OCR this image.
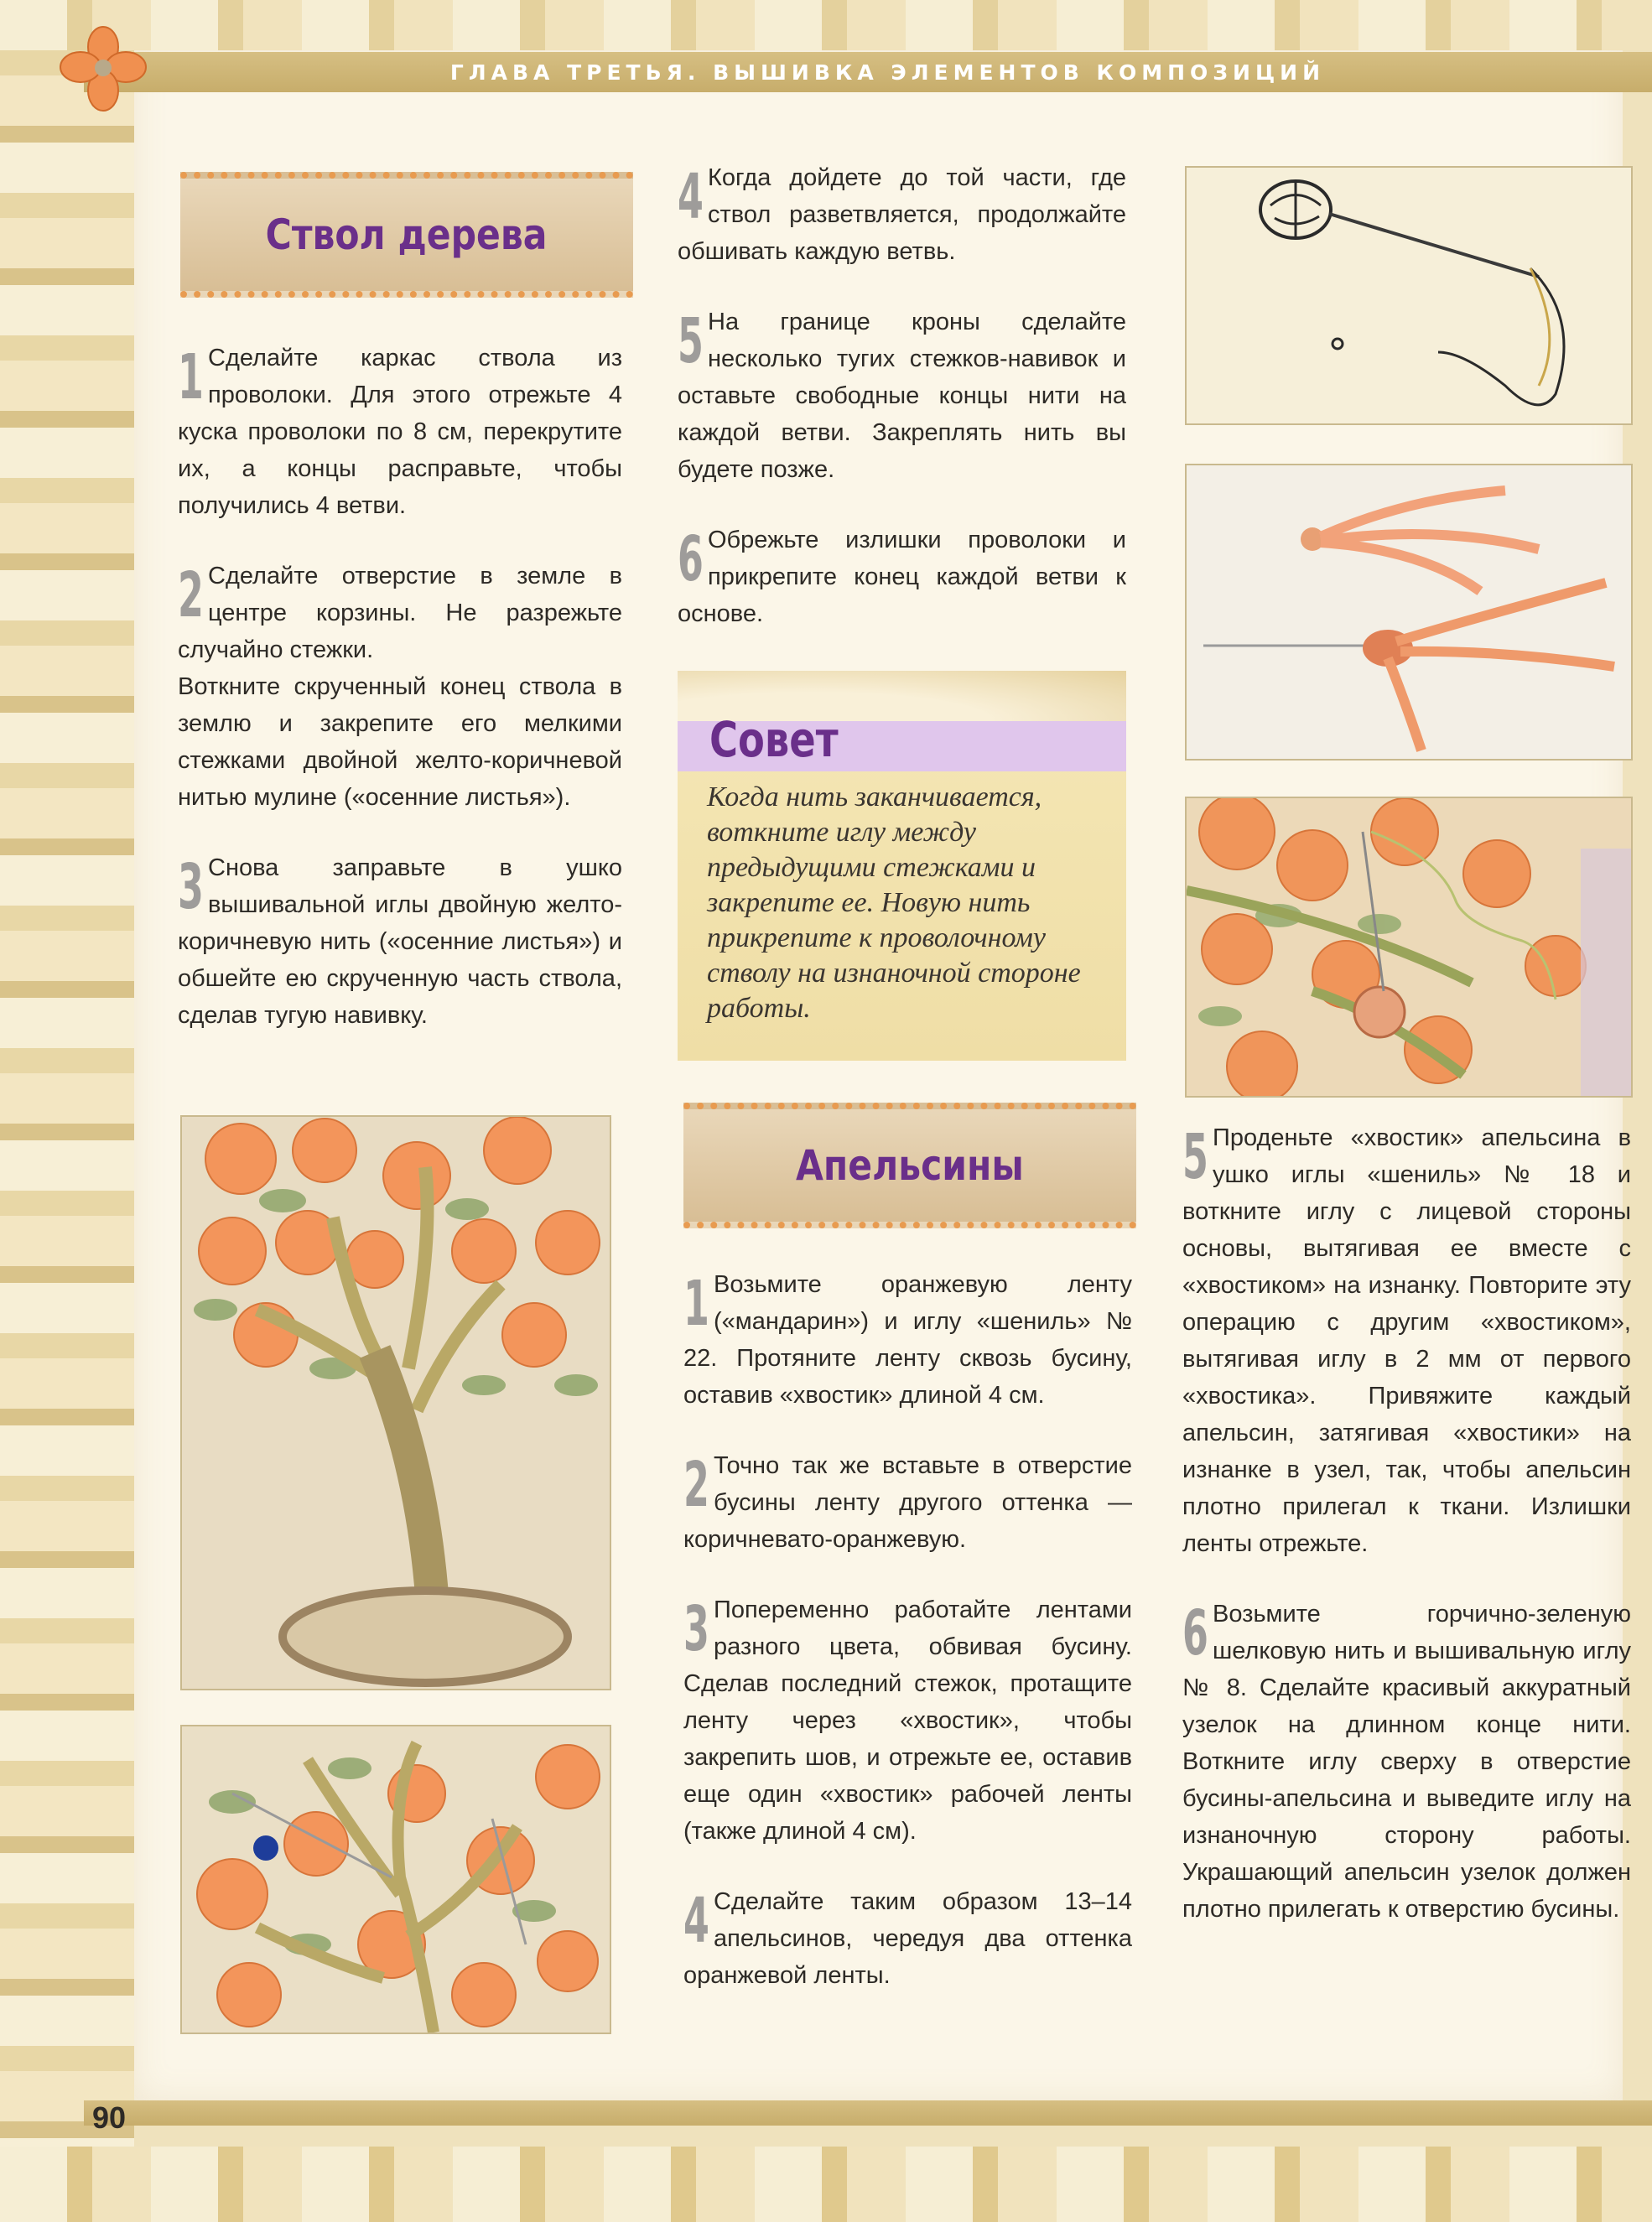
ГЛАВА ТРЕТЬЯ. ВЫШИВКА ЭЛЕМЕНТОВ КОМПОЗИЦИЙ
Ствол дерева

1 Сделайте каркас ствола из проволоки. Для этого отрежьте 4 куска проволоки по 8 см, перекрутите их, а концы расправьте, чтобы получились 4 ветви.

2 Сделайте отверстие в земле в центре корзины. Не разрежьте случайно стежки.
Воткните скрученный конец ствола в землю и закрепите его мелкими стежками двойной желто-коричневой нитью мулине («осенние листья»).

3 Снова заправьте в ушко вышивальной иглы двойную желто-коричневую нить («осенние листья») и обшейте ею скрученную часть ствола, сделав тугую навивку.

4 Когда дойдете до той части, где ствол разветвляется, продолжайте обшивать каждую ветвь.

5 На границе кроны сделайте несколько тугих стежков-навивок и оставьте свободные концы нити на каждой ветви. Закреплять нить вы будете позже.

6 Обрежьте излишки проволоки и прикрепите конец каждой ветви к основе.

Совет
Когда нить заканчивается, воткните иглу между предыдущими стежками и закрепите ее. Новую нить прикрепите к проволочному стволу на изнаночной стороне работы.
Апельсины

1 Возьмите оранжевую ленту («мандарин») и иглу «шениль» № 22. Протяните ленту сквозь бусину, оставив «хвостик» длиной 4 см.

2 Точно так же вставьте в отверстие бусины ленту другого оттенка — коричневато-оранжевую.

3 Попеременно работайте лентами разного цвета, обвивая бусину. Сделав последний стежок, протащите ленту через «хвостик», чтобы закрепить шов, и отрежьте ее, оставив еще один «хвостик» рабочей ленты (также длиной 4 см).

4 Сделайте таким образом 13–14 апельсинов, чередуя два оттенка оранжевой ленты.

5 Проденьте «хвостик» апельсина в ушко иглы «шениль» № 18 и воткните иглу с лицевой стороны основы, вытягивая ее вместе с «хвостиком» на изнанку. Повторите эту операцию с другим «хвостиком», вытягивая иглу в 2 мм от первого «хвостика». Привяжите каждый апельсин, затягивая «хвостики» на изнанке в узел, так, чтобы апельсин плотно прилегал к ткани. Излишки ленты отрежьте.

6 Возьмите горчично-зеленую шелковую нить и вышивальную иглу № 8. Сделайте красивый аккуратный узелок на длинном конце нити. Воткните иглу сверху в отверстие бусины-апельсина и выведите иглу на изнаночную сторону работы. Украшающий апельсин узелок должен плотно прилегать к отверстию бусины.

90
